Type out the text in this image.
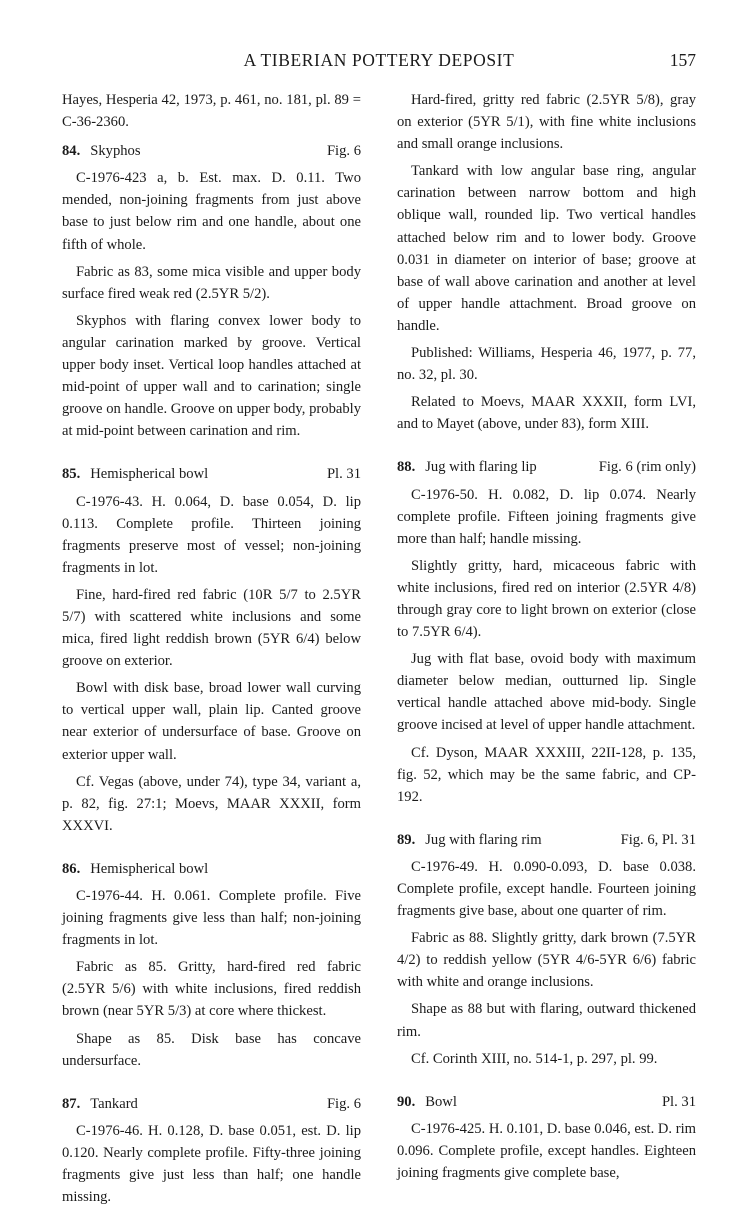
A TIBERIAN POTTERY DEPOSIT	157

Hayes, Hesperia 42, 1973, p. 461, no. 181, pl. 89 = C-36-2360.

84. Skyphos	Fig. 6

C-1976-423 a, b. Est. max. D. 0.11. Two mended, non-joining fragments from just above base to just below rim and one handle, about one fifth of whole.

Fabric as 83, some mica visible and upper body surface fired weak red (2.5YR 5/2).

Skyphos with flaring convex lower body to angular carination marked by groove. Vertical upper body inset. Vertical loop handles attached at mid-point of upper wall and to carination; single groove on handle. Groove on upper body, probably at mid-point between carination and rim.

85. Hemispherical bowl	Pl. 31

C-1976-43. H. 0.064, D. base 0.054, D. lip 0.113. Complete profile. Thirteen joining fragments preserve most of vessel; non-joining fragments in lot.

Fine, hard-fired red fabric (10R 5/7 to 2.5YR 5/7) with scattered white inclusions and some mica, fired light reddish brown (5YR 6/4) below groove on exterior.

Bowl with disk base, broad lower wall curving to vertical upper wall, plain lip. Canted groove near exterior of undersurface of base. Groove on exterior upper wall.

Cf. Vegas (above, under 74), type 34, variant a, p. 82, fig. 27:1; Moevs, MAAR XXXII, form XXXVI.

86. Hemispherical bowl

C-1976-44. H. 0.061. Complete profile. Five joining fragments give less than half; non-joining fragments in lot.

Fabric as 85. Gritty, hard-fired red fabric (2.5YR 5/6) with white inclusions, fired reddish brown (near 5YR 5/3) at core where thickest.

Shape as 85. Disk base has concave undersurface.

87. Tankard	Fig. 6

C-1976-46. H. 0.128, D. base 0.051, est. D. lip 0.120. Nearly complete profile. Fifty-three joining fragments give just less than half; one handle missing.

Hard-fired, gritty red fabric (2.5YR 5/8), gray on exterior (5YR 5/1), with fine white inclusions and small orange inclusions.

Tankard with low angular base ring, angular carination between narrow bottom and high oblique wall, rounded lip. Two vertical handles attached below rim and to lower body. Groove 0.031 in diameter on interior of base; groove at base of wall above carination and another at level of upper handle attachment. Broad groove on handle.

Published: Williams, Hesperia 46, 1977, p. 77, no. 32, pl. 30.

Related to Moevs, MAAR XXXII, form LVI, and to Mayet (above, under 83), form XIII.

88. Jug with flaring lip	Fig. 6 (rim only)

C-1976-50. H. 0.082, D. lip 0.074. Nearly complete profile. Fifteen joining fragments give more than half; handle missing.

Slightly gritty, hard, micaceous fabric with white inclusions, fired red on interior (2.5YR 4/8) through gray core to light brown on exterior (close to 7.5YR 6/4).

Jug with flat base, ovoid body with maximum diameter below median, outturned lip. Single vertical handle attached above mid-body. Single groove incised at level of upper handle attachment.

Cf. Dyson, MAAR XXXIII, 22II-128, p. 135, fig. 52, which may be the same fabric, and CP-192.

89. Jug with flaring rim	Fig. 6, Pl. 31

C-1976-49. H. 0.090-0.093, D. base 0.038. Complete profile, except handle. Fourteen joining fragments give base, about one quarter of rim.

Fabric as 88. Slightly gritty, dark brown (7.5YR 4/2) to reddish yellow (5YR 4/6-5YR 6/6) fabric with white and orange inclusions.

Shape as 88 but with flaring, outward thickened rim.

Cf. Corinth XIII, no. 514-1, p. 297, pl. 99.

90. Bowl	Pl. 31

C-1976-425. H. 0.101, D. base 0.046, est. D. rim 0.096. Complete profile, except handles. Eighteen joining fragments give complete base,
